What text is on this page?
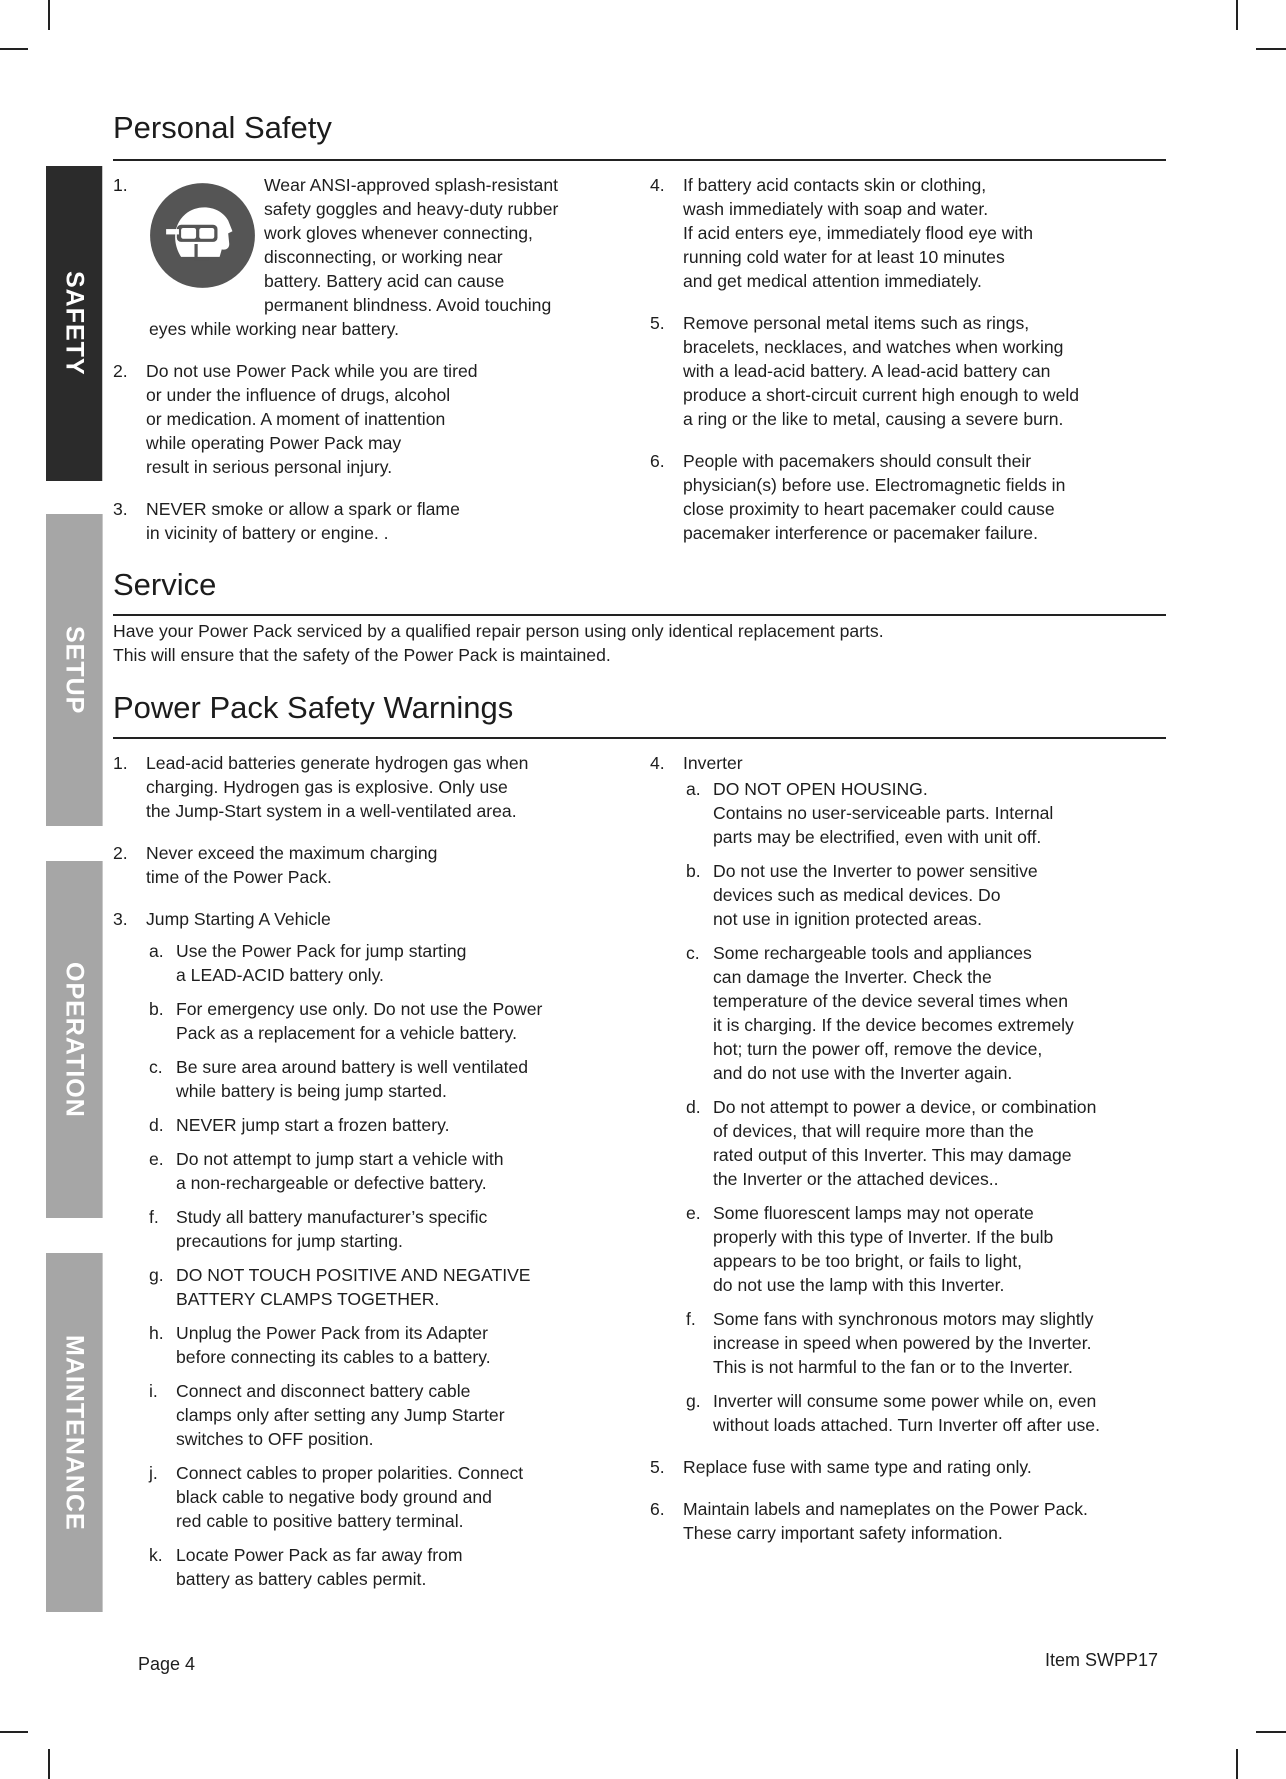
SAFETY
SETUP
OPERATION
MAINTENANCE
Personal Safety
1.	Wear ANSI-approved splash-resistant
safety goggles and heavy-duty rubber
work gloves whenever connecting,
disconnecting, or working near
battery. Battery acid can cause
permanent blindness. Avoid touching
eyes while working near battery.
2.	Do not use Power Pack while you are tired
or under the influence of drugs, alcohol
or medication. A moment of inattention
while operating Power Pack may
result in serious personal injury.
3.	NEVER smoke or allow a spark or flame
in vicinity of battery or engine. .
4.	If battery acid contacts skin or clothing,
wash immediately with soap and water.
If acid enters eye, immediately flood eye with
running cold water for at least 10 minutes
and get medical attention immediately.
5.	Remove personal metal items such as rings,
bracelets, necklaces, and watches when working
with a lead-acid battery. A lead-acid battery can
produce a short-circuit current high enough to weld
a ring or the like to metal, causing a severe burn.
6.	People with pacemakers should consult their
physician(s) before use. Electromagnetic fields in
close proximity to heart pacemaker could cause
pacemaker interference or pacemaker failure.
Service
Have your Power Pack serviced by a qualified repair person using only identical replacement parts.
This will ensure that the safety of the Power Pack is maintained.
Power Pack Safety Warnings
1.	Lead-acid batteries generate hydrogen gas when
charging. Hydrogen gas is explosive. Only use
the Jump-Start system in a well-ventilated area.
2.	Never exceed the maximum charging
time of the Power Pack.
3.	Jump Starting A Vehicle
a. Use the Power Pack for jump starting
a LEAD-ACID battery only.
b. For emergency use only. Do not use the Power
Pack as a replacement for a vehicle battery.
c. Be sure area around battery is well ventilated
while battery is being jump started.
d. NEVER jump start a frozen battery.
e. Do not attempt to jump start a vehicle with
a non-rechargeable or defective battery.
f. Study all battery manufacturer’s specific
precautions for jump starting.
g. DO NOT TOUCH POSITIVE AND NEGATIVE
BATTERY CLAMPS TOGETHER.
h. Unplug the Power Pack from its Adapter
before connecting its cables to a battery.
i.	Connect and disconnect battery cable
clamps only after setting any Jump Starter
switches to OFF position.
j.	Connect cables to proper polarities. Connect
black cable to negative body ground and
red cable to positive battery terminal.
k. Locate Power Pack as far away from
battery as battery cables permit.
4.	Inverter
a. DO NOT OPEN HOUSING.
Contains no user-serviceable parts. Internal
parts may be electrified, even with unit off.
b. Do not use the Inverter to power sensitive
devices such as medical devices. Do
not use in ignition protected areas.
c. Some rechargeable tools and appliances
can damage the Inverter. Check the
temperature of the device several times when
it is charging. If the device becomes extremely
hot; turn the power off, remove the device,
and do not use with the Inverter again.
d. Do not attempt to power a device, or combination
of devices, that will require more than the
rated output of this Inverter. This may damage
the Inverter or the attached devices..
e. Some fluorescent lamps may not operate
properly with this type of Inverter. If the bulb
appears to be too bright, or fails to light,
do not use the lamp with this Inverter.
f. Some fans with synchronous motors may slightly
increase in speed when powered by the Inverter.
This is not harmful to the fan or to the Inverter.
g. Inverter will consume some power while on, even
without loads attached. Turn Inverter off after use.
5.	Replace fuse with same type and rating only.
6.	Maintain labels and nameplates on the Power Pack.
These carry important safety information.
Page 4	Item SWPP17
